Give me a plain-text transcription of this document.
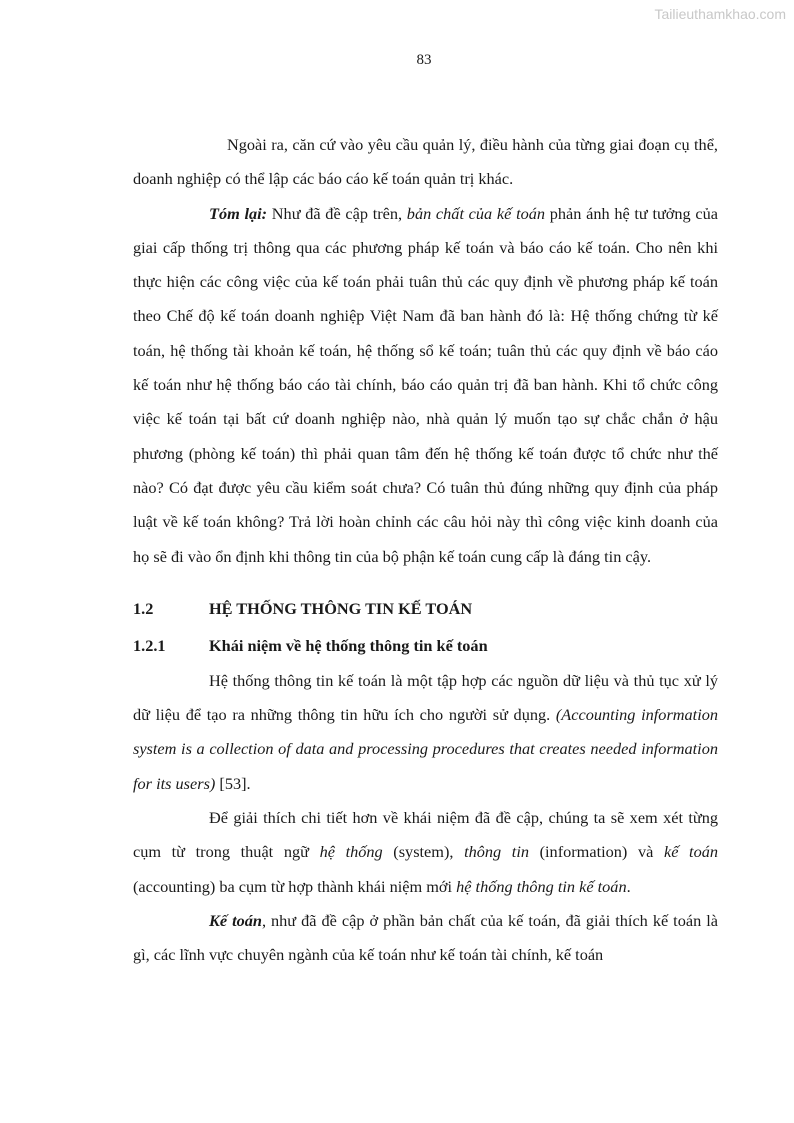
Tailieuthamkhao.com
83

Ngoài ra, căn cứ vào yêu cầu quản lý, điều hành của từng giai đoạn cụ thể, doanh nghiệp có thể lập các báo cáo kế toán quản trị khác.

Tóm lại: Như đã đề cập trên, bản chất của kế toán phản ánh hệ tư tưởng của giai cấp thống trị thông qua các phương pháp kế toán và báo cáo kế toán. Cho nên khi thực hiện các công việc của kế toán phải tuân thủ các quy định về phương pháp kế toán theo Chế độ kế toán doanh nghiệp Việt Nam đã ban hành đó là: Hệ thống chứng từ kế toán, hệ thống tài khoản kế toán, hệ thống sổ kế toán; tuân thủ các quy định về báo cáo kế toán như hệ thống báo cáo tài chính, báo cáo quản trị đã ban hành. Khi tổ chức công việc kế toán tại bất cứ doanh nghiệp nào, nhà quản lý muốn tạo sự chắc chắn ở hậu phương (phòng kế toán) thì phải quan tâm đến hệ thống kế toán được tổ chức như thế nào? Có đạt được yêu cầu kiểm soát chưa? Có tuân thủ đúng những quy định của pháp luật về kế toán không? Trả lời hoàn chỉnh các câu hỏi này thì công việc kinh doanh của họ sẽ đi vào ổn định khi thông tin của bộ phận kế toán cung cấp là đáng tin cậy.

1.2	HỆ THỐNG THÔNG TIN KẾ TOÁN
1.2.1	Khái niệm về hệ thống thông tin kế toán

Hệ thống thông tin kế toán là một tập hợp các nguồn dữ liệu và thủ tục xử lý dữ liệu để tạo ra những thông tin hữu ích cho người sử dụng. (Accounting information system is a collection of data and processing procedures that creates needed information for its users) [53].

Để giải thích chi tiết hơn về khái niệm đã đề cập, chúng ta sẽ xem xét từng cụm từ trong thuật ngữ hệ thống (system), thông tin (information) và kế toán (accounting) ba cụm từ hợp thành khái niệm mới hệ thống thông tin kế toán.

Kế toán, như đã đề cập ở phần bản chất của kế toán, đã giải thích kế toán là gì, các lĩnh vực chuyên ngành của kế toán như kế toán tài chính, kế toán
